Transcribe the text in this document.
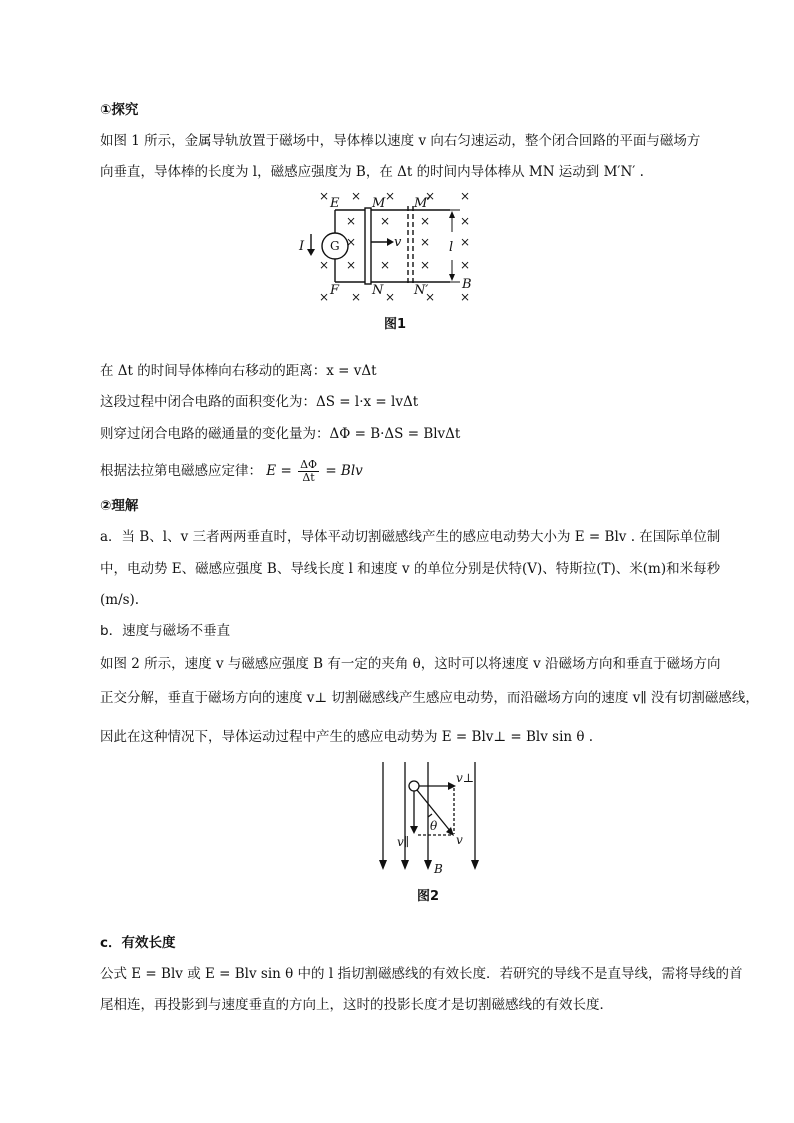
①探究
如图 1 所示，金属导轨放置于磁场中，导体棒以速度 v 向右匀速运动，整个闭合回路的平面与磁场方
向垂直，导体棒的长度为 l，磁感应强度为 B，在 Δt 的时间内导体棒从 MN 运动到 M′N′ .
× × × × ×
× × × ×
×	× ×
× × × × ×
× × × × ×
E
F
M
N
M′
N′
I	v	l
B
G
图1
在 Δt 的时间导体棒向右移动的距离：x = vΔt
这段过程中闭合电路的面积变化为：ΔS = l·x = lvΔt
则穿过闭合电路的磁通量的变化量为：ΔΦ = B·ΔS = BlvΔt
根据法拉第电磁感应定律： $E = \frac{\Delta\Phi}{\Delta t}$ = Blv
②理解
a．当 B、l、v 三者两两垂直时，导体平动切割磁感线产生的感应电动势大小为 E = Blv . 在国际单位制
中，电动势 E、磁感应强度 B、导线长度 l 和速度 v 的单位分别是伏特(V)、特斯拉(T)、米(m)和米每秒
(m/s).
b．速度与磁场不垂直
如图 2 所示，速度 v 与磁感应强度 B 有一定的夹角 θ，这时可以将速度 v 沿磁场方向和垂直于磁场方向
正交分解，垂直于磁场方向的速度 v⊥ 切割磁感线产生感应电动势，而沿磁场方向的速度 v∥ 没有切割磁感线，
因此在这种情况下，导体运动过程中产生的感应电动势为 E = Blv⊥ = Blv sin θ .
v⊥
v∥	v
θ
B
图2
c．有效长度
公式 E = Blv 或 E = Blv sin θ 中的 l 指切割磁感线的有效长度．若研究的导线不是直导线，需将导线的首
尾相连，再投影到与速度垂直的方向上，这时的投影长度才是切割磁感线的有效长度．
